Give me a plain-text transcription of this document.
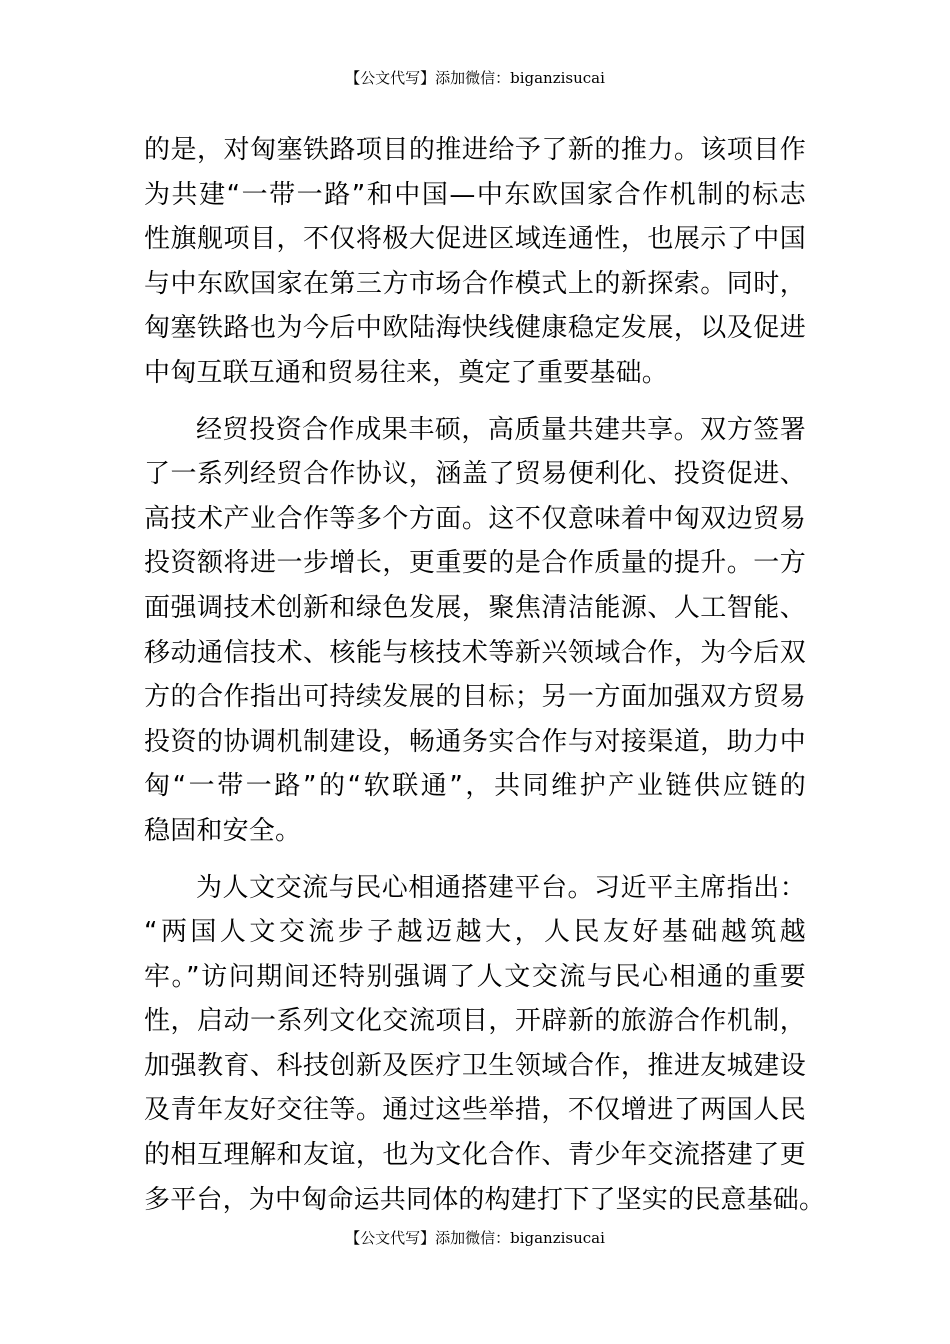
【公文代写】添加微信：biganzisucai

的是，对匈塞铁路项目的推进给予了新的推力。该项目作
为共建“一带一路”和中国—中东欧国家合作机制的标志
性旗舰项目，不仅将极大促进区域连通性，也展示了中国
与中东欧国家在第三方市场合作模式上的新探索。同时，
匈塞铁路也为今后中欧陆海快线健康稳定发展，以及促进
中匈互联互通和贸易往来，奠定了重要基础。

经贸投资合作成果丰硕，高质量共建共享。双方签署
了一系列经贸合作协议，涵盖了贸易便利化、投资促进、
高技术产业合作等多个方面。这不仅意味着中匈双边贸易
投资额将进一步增长，更重要的是合作质量的提升。一方
面强调技术创新和绿色发展，聚焦清洁能源、人工智能、
移动通信技术、核能与核技术等新兴领域合作，为今后双
方的合作指出可持续发展的目标；另一方面加强双方贸易
投资的协调机制建设，畅通务实合作与对接渠道，助力中
匈“一带一路”的“软联通”，共同维护产业链供应链的
稳固和安全。

为人文交流与民心相通搭建平台。习近平主席指出：
“两国人文交流步子越迈越大，人民友好基础越筑越
牢。”访问期间还特别强调了人文交流与民心相通的重要
性，启动一系列文化交流项目，开辟新的旅游合作机制，
加强教育、科技创新及医疗卫生领域合作，推进友城建设
及青年友好交往等。通过这些举措，不仅增进了两国人民
的相互理解和友谊，也为文化合作、青少年交流搭建了更
多平台，为中匈命运共同体的构建打下了坚实的民意基础。

【公文代写】添加微信：biganzisucai
